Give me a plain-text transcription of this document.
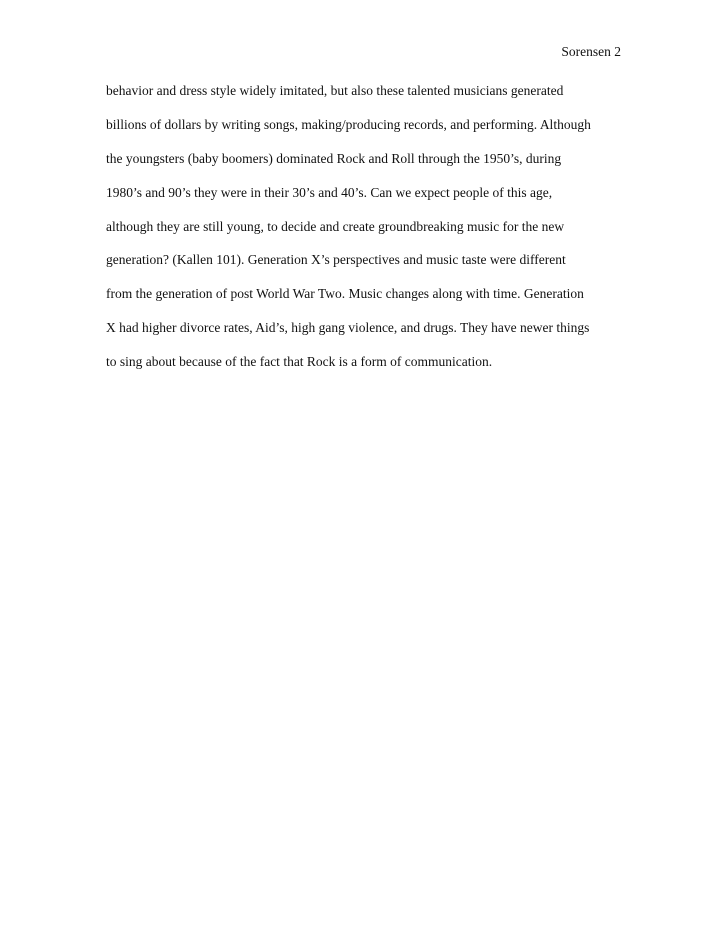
Sorensen 2
behavior and dress style widely imitated, but also these talented musicians generated
billions of dollars by writing songs, making/producing records, and performing. Although
the youngsters (baby boomers) dominated Rock and Roll through the 1950’s, during
1980’s and 90’s they were in their 30’s and 40’s. Can we expect people of this age,
although they are still young, to decide and create groundbreaking music for the new
generation? (Kallen 101). Generation X’s perspectives and music taste were different
from the generation of post World War Two. Music changes along with time. Generation
X had higher divorce rates, Aid’s, high gang violence, and drugs. They have newer things
to sing about because of the fact that Rock is a form of communication.
